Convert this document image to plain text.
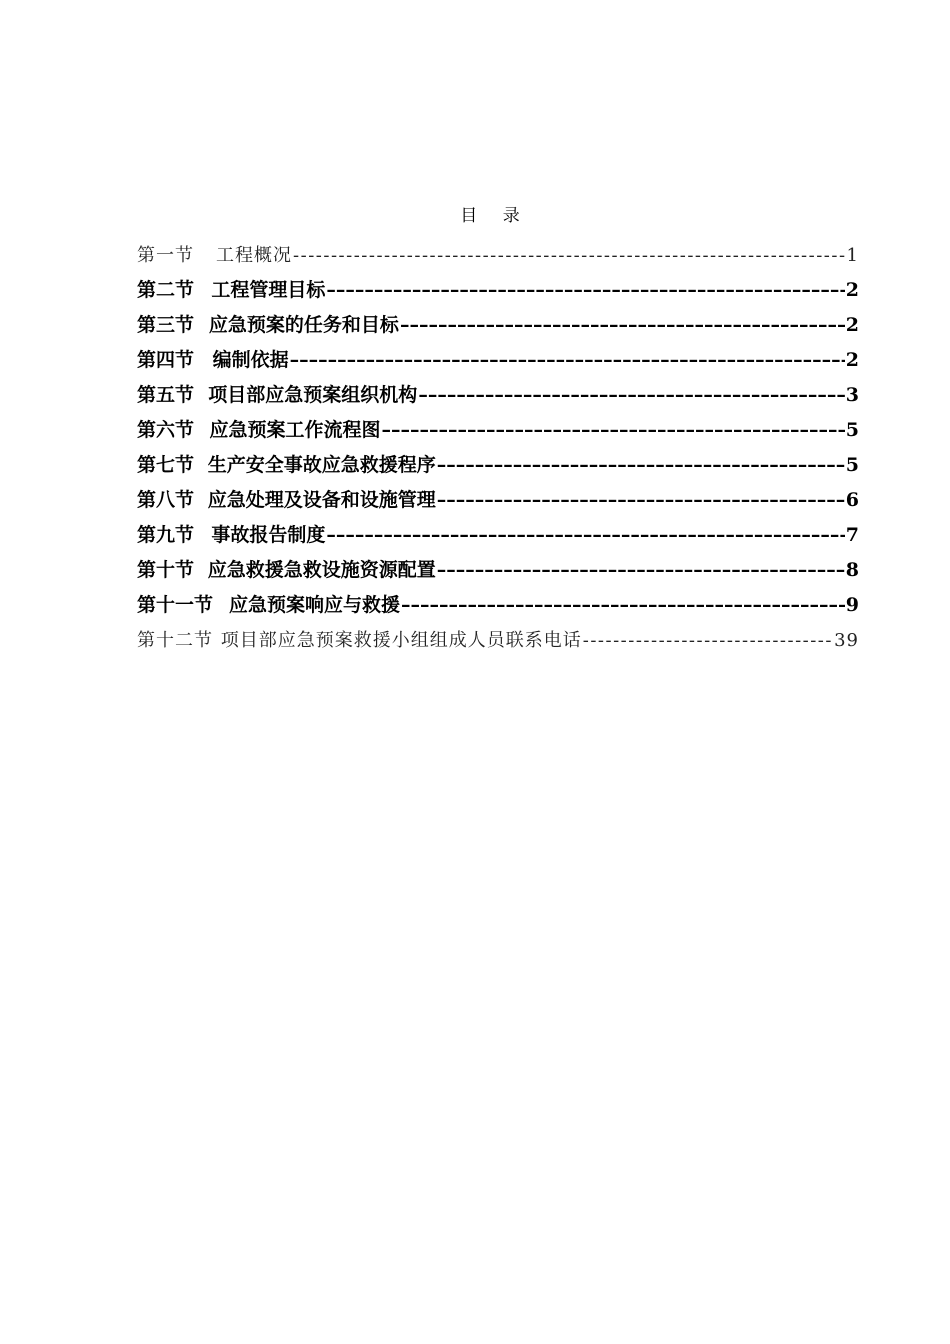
目 录
第一节 工程概况 -----	1
第二节 工程管理目标 –––––	2
第三节 应急预案的任务和目标 –––––	2
第四节 编制依据 –––––	2
第五节 项目部应急预案组织机构 –––––	3
第六节 应急预案工作流程图 –––––	5
第七节 生产安全事故应急救援程序 –––––	5
第八节 应急处理及设备和设施管理 –––––	6
第九节 事故报告制度 –––––	7
第十节 应急救援急救设施资源配置 –––––	8
第十一节 应急预案响应与救援 –––––	9
第十二节 项目部应急预案救援小组组成人员联系电话 -----	39
